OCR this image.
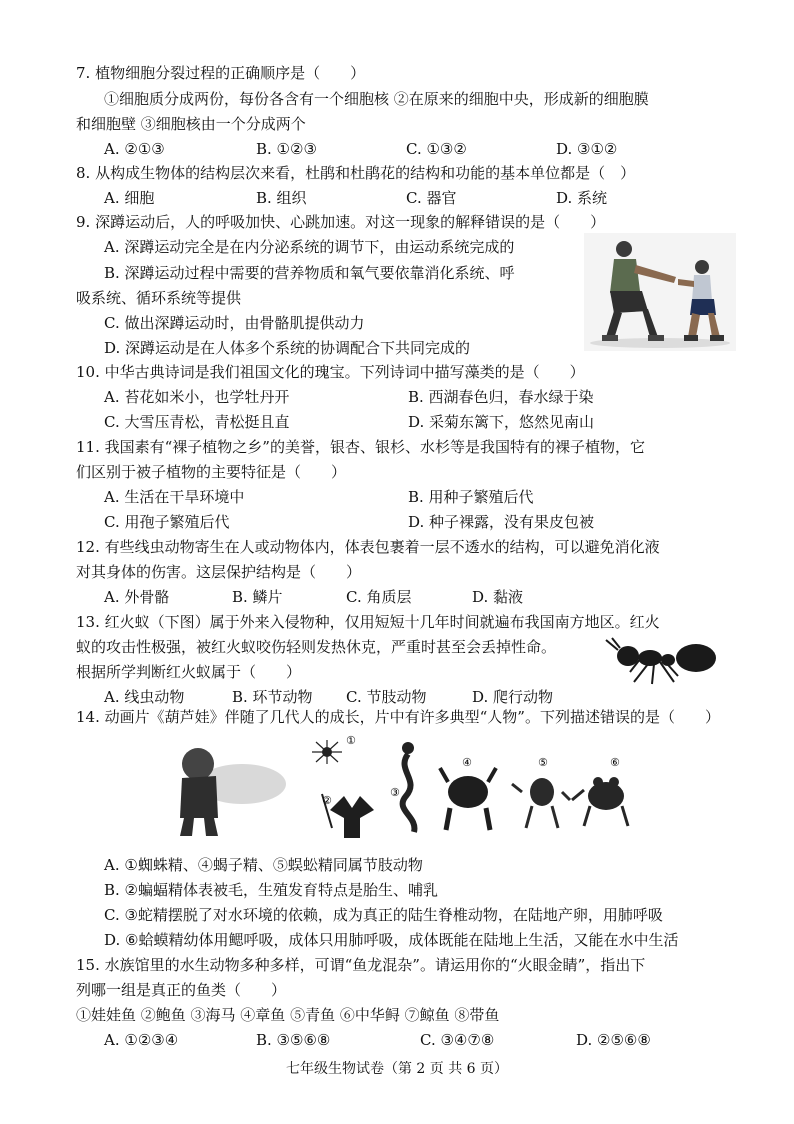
7. 植物细胞分裂过程的正确顺序是（　　）
①细胞质分成两份，每份各含有一个细胞核 ②在原来的细胞中央，形成新的细胞膜
和细胞壁 ③细胞核由一个分成两个
A. ②①③	B. ①②③	C. ①③②	D. ③①②
8. 从构成生物体的结构层次来看，杜鹃和杜鹃花的结构和功能的基本单位都是（　）
A. 细胞	B. 组织	C. 器官	D. 系统
9. 深蹲运动后，人的呼吸加快、心跳加速。对这一现象的解释错误的是（　　）
A. 深蹲运动完全是在内分泌系统的调节下，由运动系统完成的
B. 深蹲运动过程中需要的营养物质和氧气要依靠消化系统、呼
吸系统、循环系统等提供
C. 做出深蹲运动时，由骨骼肌提供动力
D. 深蹲运动是在人体多个系统的协调配合下共同完成的
10. 中华古典诗词是我们祖国文化的瑰宝。下列诗词中描写藻类的是（　　）
A. 苔花如米小，也学牡丹开	B. 西湖春色归，春水绿于染
C. 大雪压青松，青松挺且直	D. 采菊东篱下，悠然见南山
11. 我国素有“裸子植物之乡”的美誉，银杏、银杉、水杉等是我国特有的裸子植物，它
们区别于被子植物的主要特征是（　　）
A. 生活在干旱环境中	B. 用种子繁殖后代
C. 用孢子繁殖后代	D. 种子裸露，没有果皮包被
12. 有些线虫动物寄生在人或动物体内，体表包裹着一层不透水的结构，可以避免消化液
对其身体的伤害。这层保护结构是（　　）
A. 外骨骼	B. 鳞片	C. 角质层	D. 黏液
13. 红火蚁（下图）属于外来入侵物种，仅用短短十几年时间就遍布我国南方地区。红火
蚁的攻击性极强，被红火蚁咬伤轻则发热休克，严重时甚至会丢掉性命。
根据所学判断红火蚁属于（　　）
A. 线虫动物	B. 环节动物 C. 节肢动物	D. 爬行动物
14. 动画片《葫芦娃》伴随了几代人的成长，片中有许多典型“人物”。下列描述错误的是（　　）
①
②
③
④	⑤	⑥
A. ①蜘蛛精、④蝎子精、⑤蜈蚣精同属节肢动物
B. ②蝙蝠精体表被毛，生殖发育特点是胎生、哺乳
C. ③蛇精摆脱了对水环境的依赖，成为真正的陆生脊椎动物，在陆地产卵，用肺呼吸
D. ⑥蛤蟆精幼体用鳃呼吸，成体只用肺呼吸，成体既能在陆地上生活，又能在水中生活
15. 水族馆里的水生动物多种多样，可谓“鱼龙混杂”。请运用你的“火眼金睛”，指出下
列哪一组是真正的鱼类（　　）
①娃娃鱼 ②鲍鱼 ③海马 ④章鱼 ⑤青鱼 ⑥中华鲟 ⑦鲸鱼 ⑧带鱼
A. ①②③④	B. ③⑤⑥⑧	C. ③④⑦⑧	D. ②⑤⑥⑧
七年级生物试卷（第 2 页 共 6 页）
